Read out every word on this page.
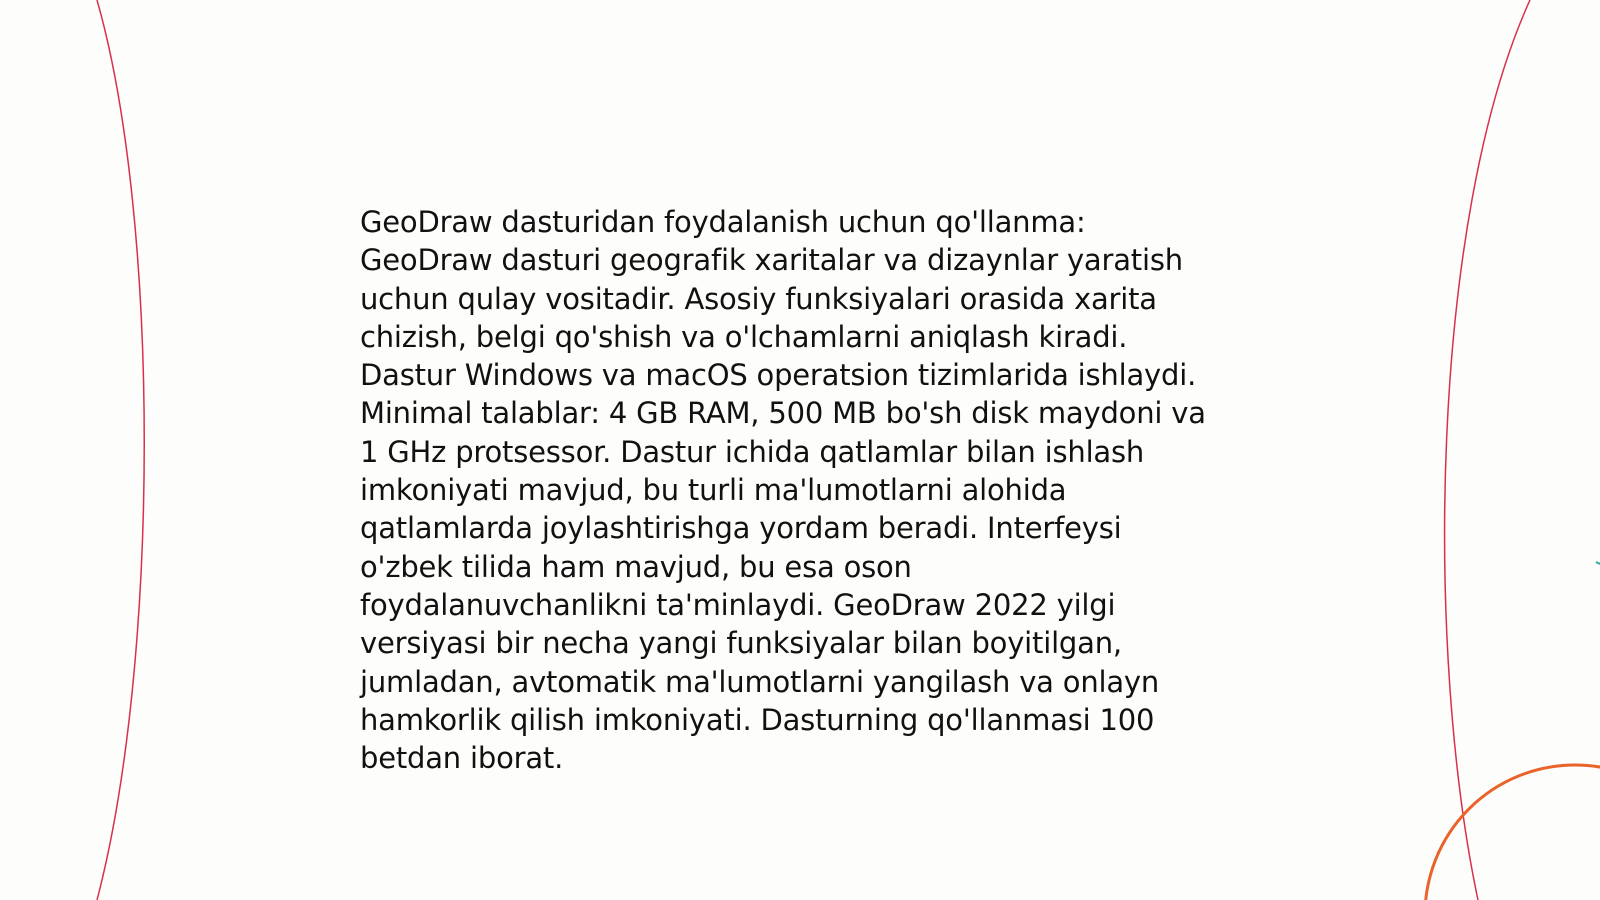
GeoDraw dasturidan foydalanish uchun qo'llanma:
GeoDraw dasturi geografik xaritalar va dizaynlar yaratish
uchun qulay vositadir. Asosiy funksiyalari orasida xarita
chizish, belgi qo'shish va o'lchamlarni aniqlash kiradi.
Dastur Windows va macOS operatsion tizimlarida ishlaydi.
Minimal talablar: 4 GB RAM, 500 MB bo'sh disk maydoni va
1 GHz protsessor. Dastur ichida qatlamlar bilan ishlash
imkoniyati mavjud, bu turli ma'lumotlarni alohida
qatlamlarda joylashtirishga yordam beradi. Interfeysi
o'zbek tilida ham mavjud, bu esa oson
foydalanuvchanlikni ta'minlaydi. GeoDraw 2022 yilgi
versiyasi bir necha yangi funksiyalar bilan boyitilgan,
jumladan, avtomatik ma'lumotlarni yangilash va onlayn
hamkorlik qilish imkoniyati. Dasturning qo'llanmasi 100
betdan iborat.
